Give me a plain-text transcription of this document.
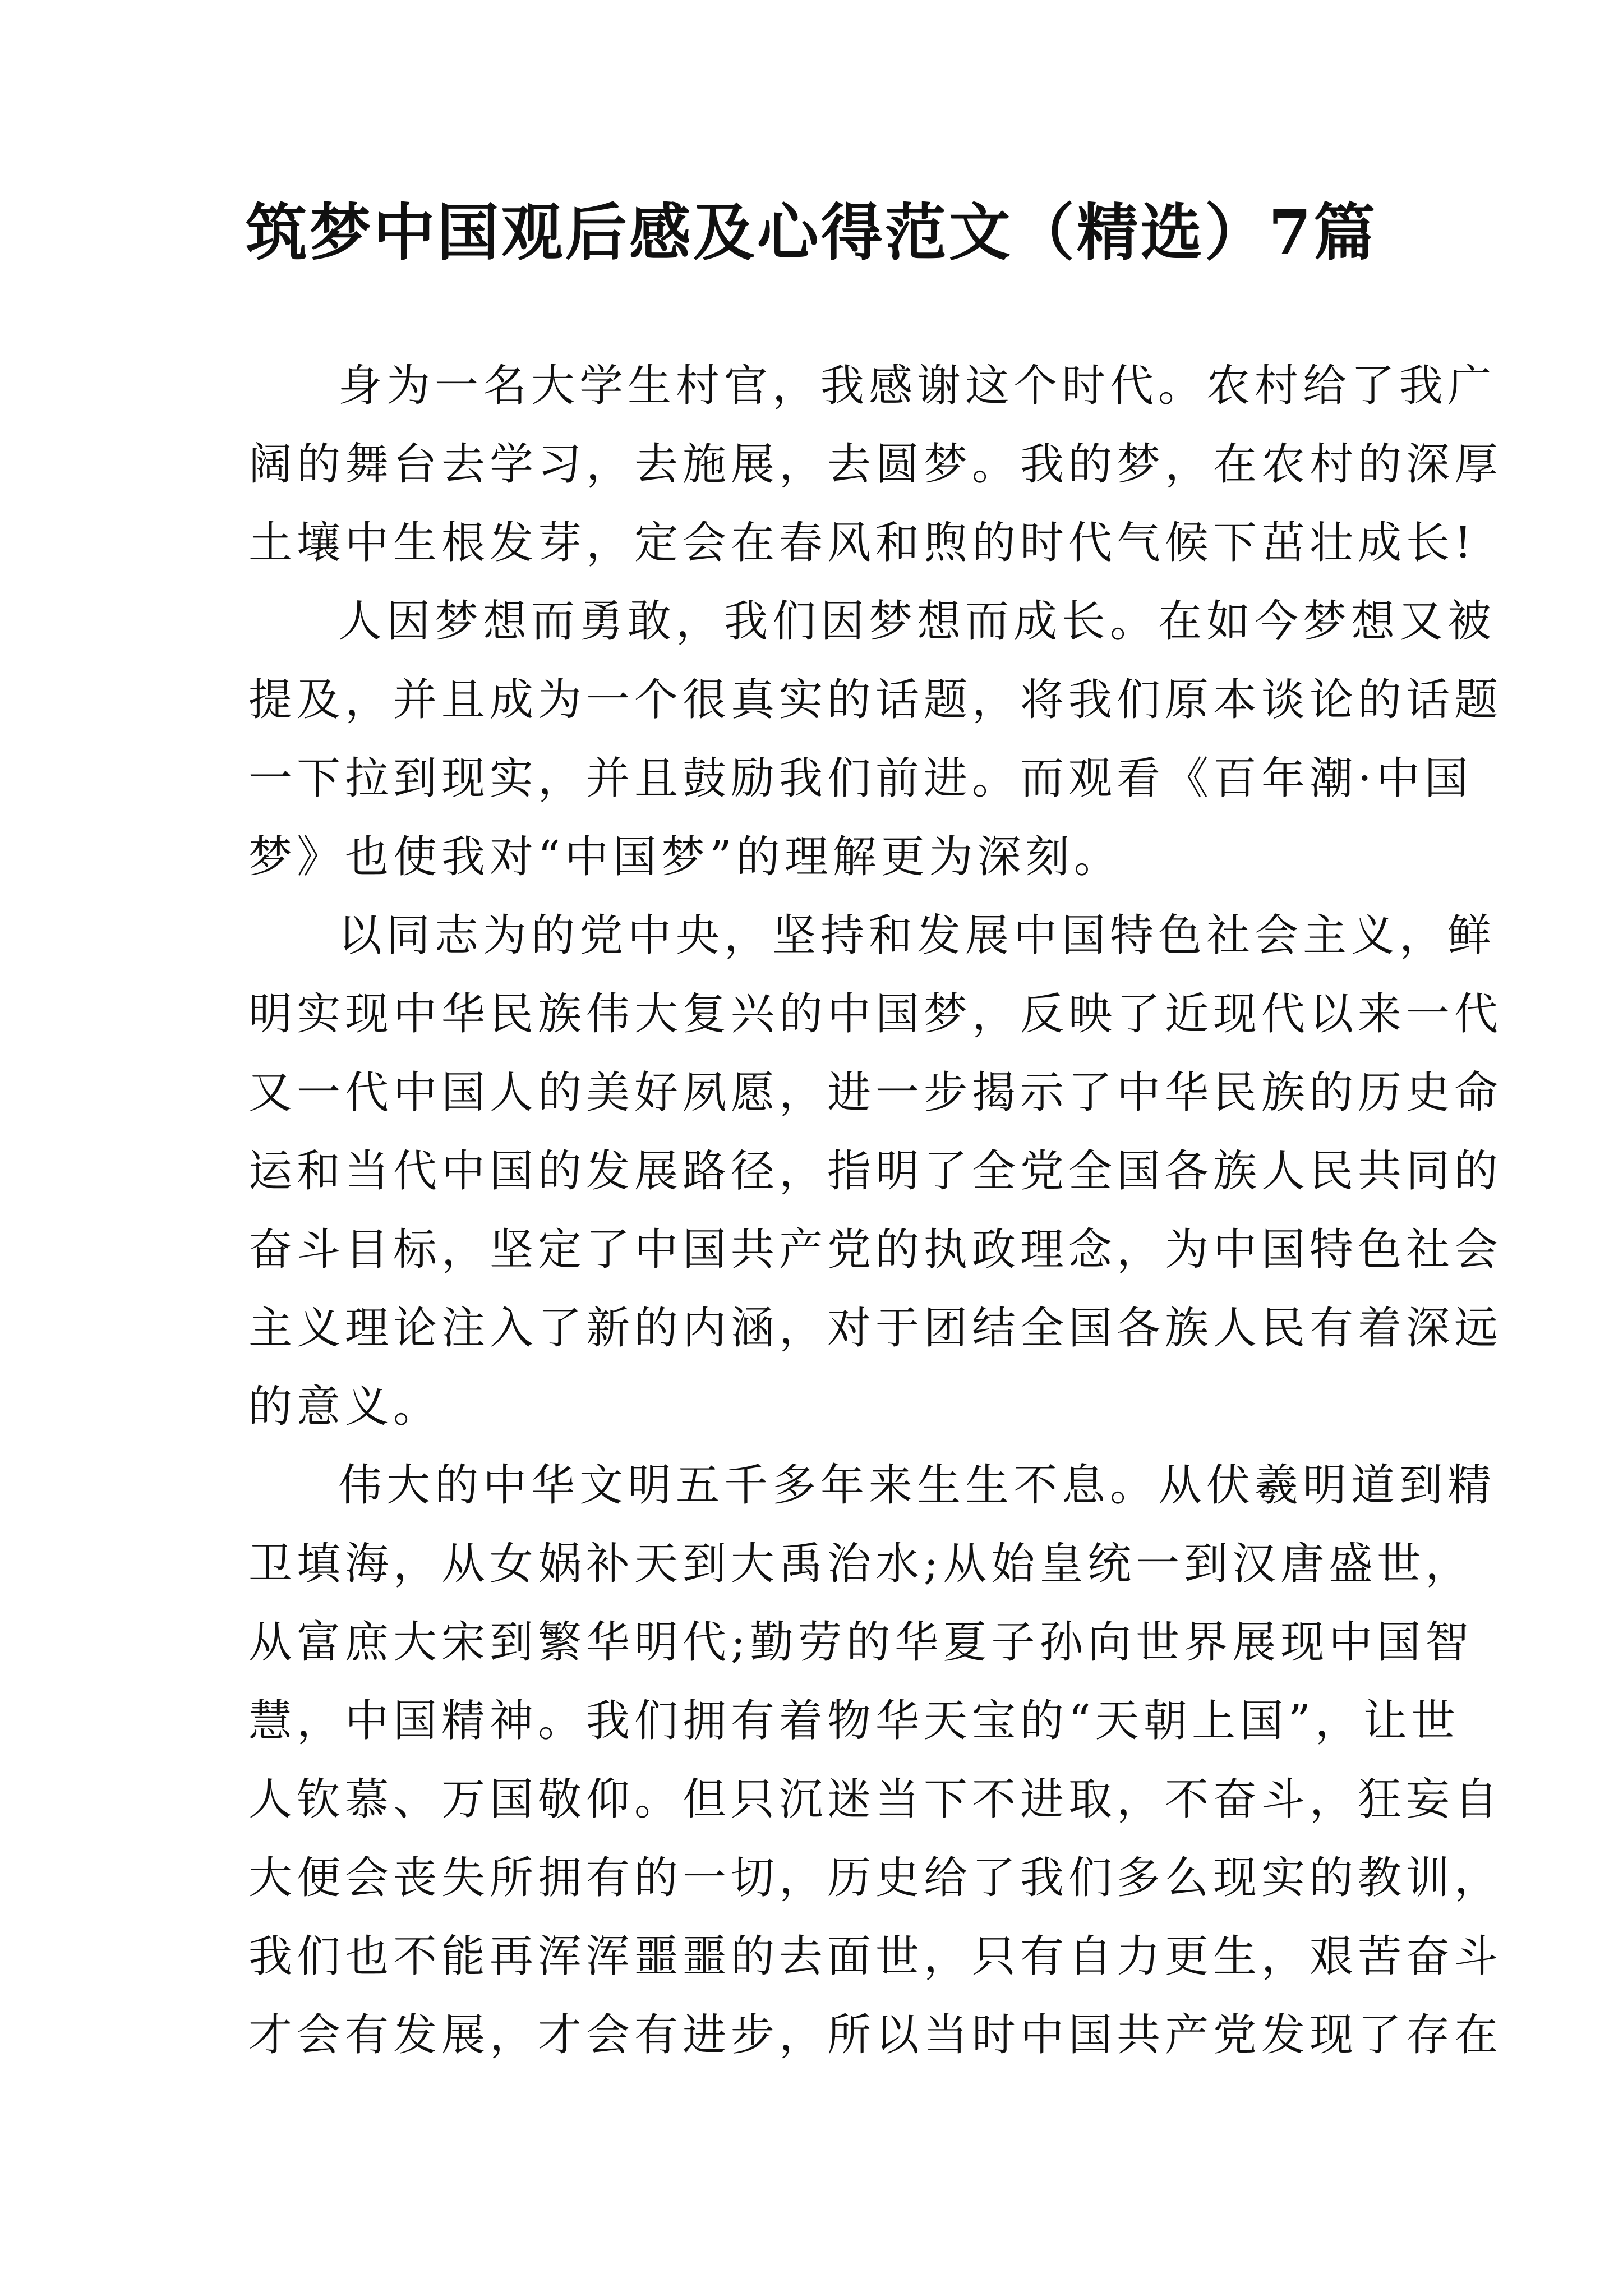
筑梦中国观后感及心得范文（精选）7篇
身为一名大学生村官，我感谢这个时代。农村给了我广
阔的舞台去学习，去施展，去圆梦。我的梦，在农村的深厚
土壤中生根发芽，定会在春风和煦的时代气候下茁壮成长!
人因梦想而勇敢，我们因梦想而成长。在如今梦想又被
提及，并且成为一个很真实的话题，将我们原本谈论的话题
一下拉到现实，并且鼓励我们前进。而观看《百年潮·中国
梦》也使我对“中国梦”的理解更为深刻。
以同志为的党中央，坚持和发展中国特色社会主义，鲜
明实现中华民族伟大复兴的中国梦，反映了近现代以来一代
又一代中国人的美好夙愿，进一步揭示了中华民族的历史命
运和当代中国的发展路径，指明了全党全国各族人民共同的
奋斗目标，坚定了中国共产党的执政理念，为中国特色社会
主义理论注入了新的内涵，对于团结全国各族人民有着深远
的意义。
伟大的中华文明五千多年来生生不息。从伏羲明道到精
卫填海，从女娲补天到大禹治水;从始皇统一到汉唐盛世，
从富庶大宋到繁华明代;勤劳的华夏子孙向世界展现中国智
慧，中国精神。我们拥有着物华天宝的“天朝上国”，让世
人钦慕、万国敬仰。但只沉迷当下不进取，不奋斗，狂妄自
大便会丧失所拥有的一切，历史给了我们多么现实的教训，
我们也不能再浑浑噩噩的去面世，只有自力更生，艰苦奋斗
才会有发展，才会有进步，所以当时中国共产党发现了存在
